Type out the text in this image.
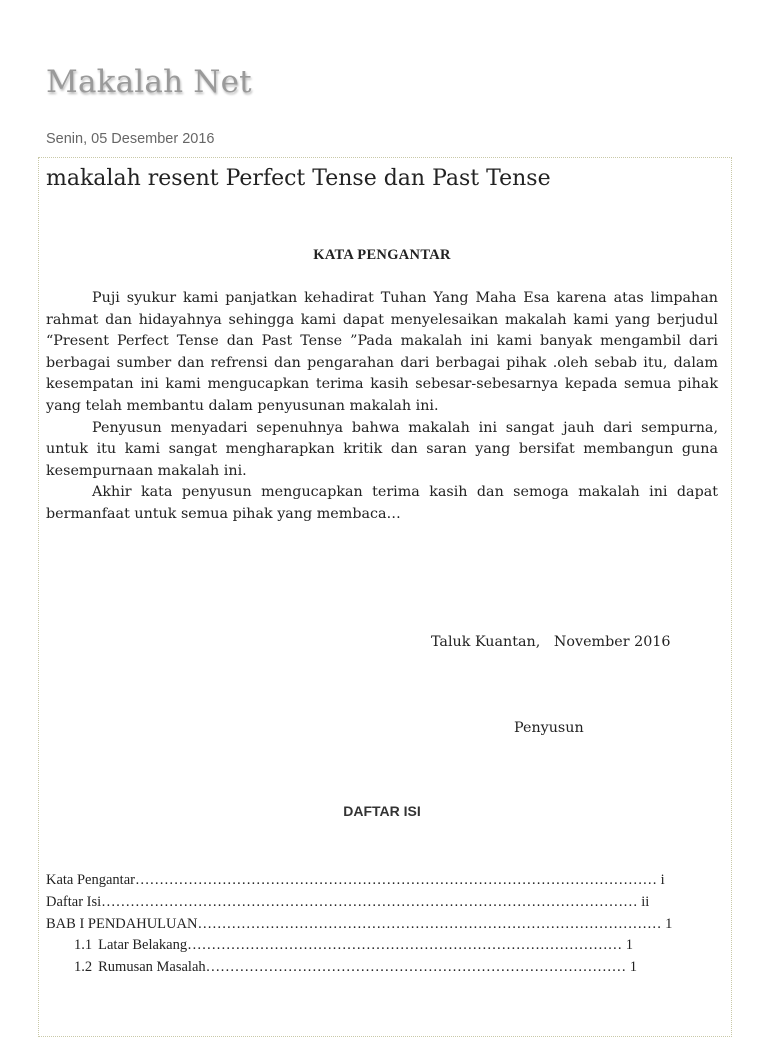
Makalah Net
Senin, 05 Desember 2016
makalah resent Perfect Tense dan Past Tense
KATA PENGANTAR

Puji syukur kami panjatkan kehadirat Tuhan Yang Maha Esa karena atas limpahan rahmat dan hidayahnya sehingga kami dapat menyelesaikan makalah kami yang berjudul “Present Perfect Tense dan Past Tense ”Pada makalah ini kami banyak mengambil dari berbagai sumber dan refrensi dan pengarahan dari berbagai pihak .oleh sebab itu, dalam kesempatan ini kami mengucapkan terima kasih sebesar-sebesarnya kepada semua pihak yang telah membantu dalam penyusunan makalah ini.

Penyusun menyadari sepenuhnya bahwa makalah ini sangat jauh dari sempurna, untuk itu kami sangat mengharapkan kritik dan saran yang bersifat membangun guna kesempurnaan makalah ini.

Akhir kata penyusun mengucapkan terima kasih dan semoga makalah ini dapat bermanfaat untuk semua pihak yang membaca…

Taluk Kuantan,   November 2016
Penyusun
DAFTAR ISI
Kata Pengantar……………………………………………………………………………………………… i
Daftar Isi………………………………………………………………………………………………… ii
BAB I PENDAHULUAN…………………………………………………………………………………… 1
1.1 Latar Belakang……………………………………………………………………………… 1
1.2 Rumusan Masalah…………………………………………………………………………… 1
